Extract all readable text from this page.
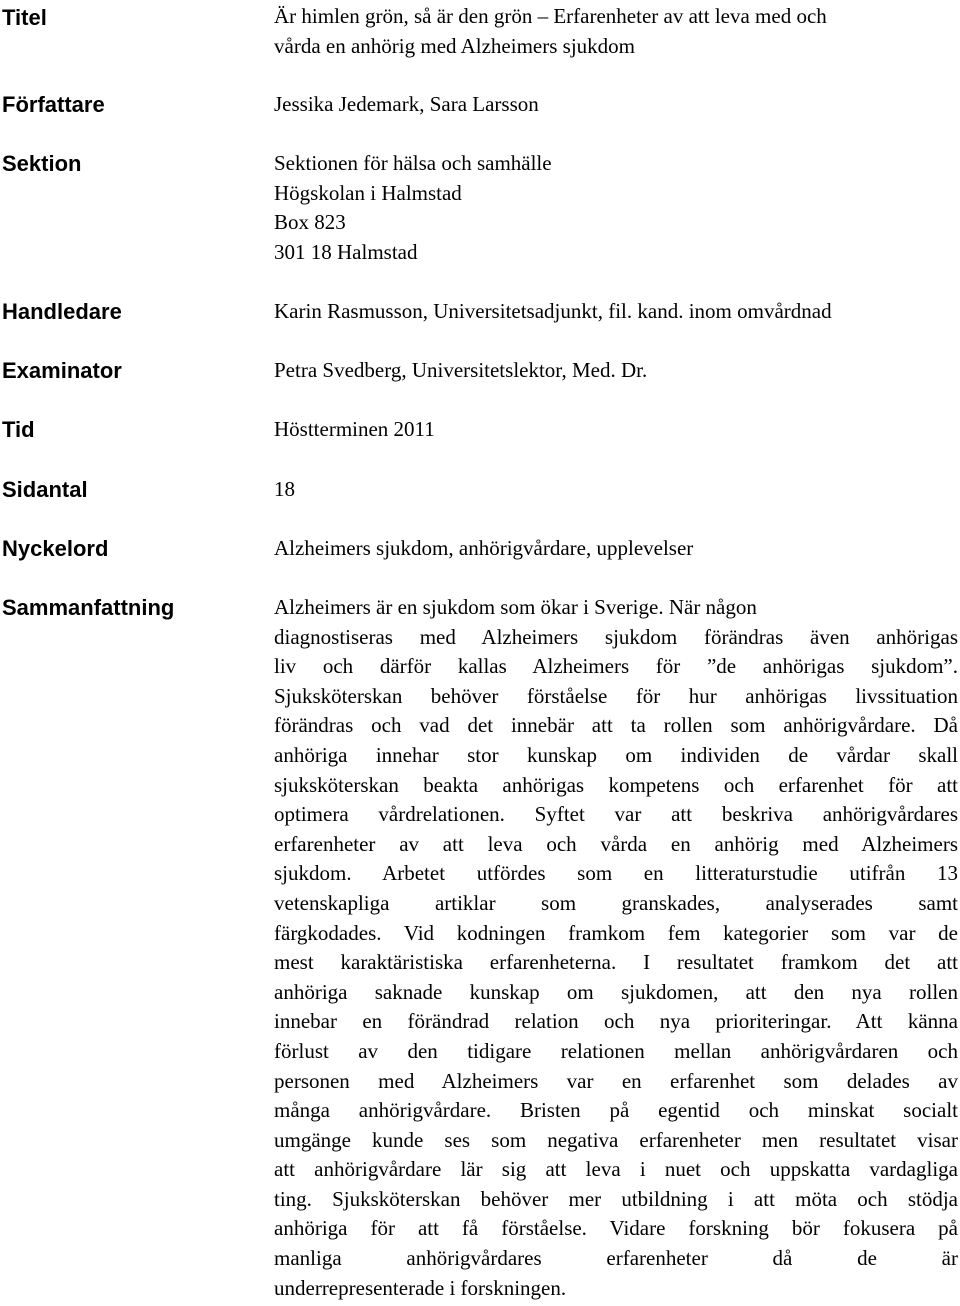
Titel	Är himlen grön, så är den grön – Erfarenheter av att leva med och
vårda en anhörig med Alzheimers sjukdom
Författare	Jessika Jedemark, Sara Larsson
Sektion	Sektionen för hälsa och samhälle
Högskolan i Halmstad
Box 823
301 18 Halmstad
Handledare	Karin Rasmusson, Universitetsadjunkt, fil. kand. inom omvårdnad
Examinator	Petra Svedberg, Universitetslektor, Med. Dr.
Tid	Höstterminen 2011
Sidantal	18
Nyckelord	Alzheimers sjukdom, anhörigvårdare, upplevelser
Sammanfattning	Alzheimers är en sjukdom som ökar i Sverige. När någon
diagnostiseras med Alzheimers sjukdom förändras även anhörigas
liv och därför kallas Alzheimers för ”de anhörigas sjukdom”.
Sjuksköterskan behöver förståelse för hur anhörigas livssituation
förändras och vad det innebär att ta rollen som anhörigvårdare. Då
anhöriga innehar stor kunskap om individen de vårdar skall
sjuksköterskan beakta anhörigas kompetens och erfarenhet för att
optimera vårdrelationen. Syftet var att beskriva anhörigvårdares
erfarenheter av att leva och vårda en anhörig med Alzheimers
sjukdom. Arbetet utfördes som en litteraturstudie utifrån 13
vetenskapliga artiklar som granskades, analyserades samt
färgkodades. Vid kodningen framkom fem kategorier som var de
mest karaktäristiska erfarenheterna. I resultatet framkom det att
anhöriga saknade kunskap om sjukdomen, att den nya rollen
innebar en förändrad relation och nya prioriteringar. Att känna
förlust av den tidigare relationen mellan anhörigvårdaren och
personen med Alzheimers var en erfarenhet som delades av
många anhörigvårdare. Bristen på egentid och minskat socialt
umgänge kunde ses som negativa erfarenheter men resultatet visar
att anhörigvårdare lär sig att leva i nuet och uppskatta vardagliga
ting. Sjuksköterskan behöver mer utbildning i att möta och stödja
anhöriga för att få förståelse. Vidare forskning bör fokusera på
manliga anhörigvårdares erfarenheter då de är
underrepresenterade i forskningen.
